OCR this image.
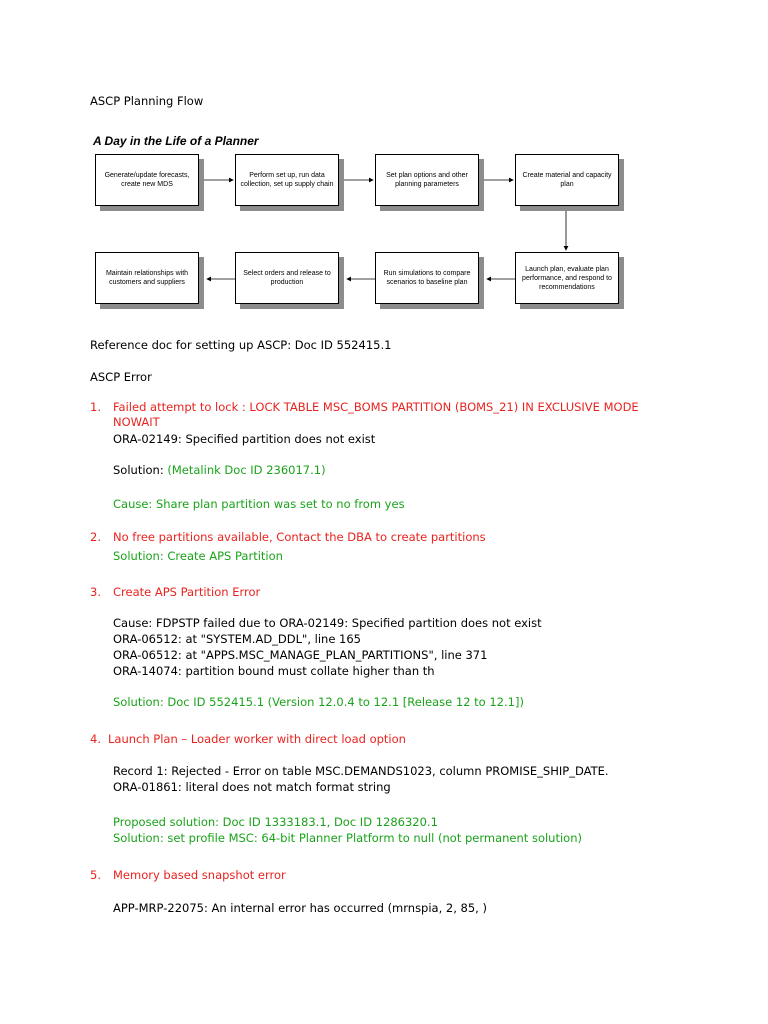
ASCP Planning Flow
A Day in the Life of a Planner
Generate/update forecasts, create new MDS
Perform set up, run data collection, set up supply chain
Set plan options and other planning parameters
Create material and capacity plan
Launch plan, evaluate plan performance, and respond to recommendations
Run simulations to compare scenarios to baseline plan
Select orders and release to production
Maintain relationships with customers and suppliers
Reference doc for setting up ASCP: Doc ID 552415.1
ASCP Error
1. Failed attempt to lock : LOCK TABLE MSC_BOMS PARTITION (BOMS_21) IN EXCLUSIVE MODE
NOWAIT
ORA-02149: Specified partition does not exist
Solution: (Metalink Doc ID 236017.1)
Cause: Share plan partition was set to no from yes
2. No free partitions available, Contact the DBA to create partitions
Solution: Create APS Partition
3. Create APS Partition Error
Cause: FDPSTP failed due to ORA-02149: Specified partition does not exist
ORA-06512: at "SYSTEM.AD_DDL", line 165
ORA-06512: at "APPS.MSC_MANAGE_PLAN_PARTITIONS", line 371
ORA-14074: partition bound must collate higher than th
Solution: Doc ID 552415.1 (Version 12.0.4 to 12.1 [Release 12 to 12.1])
4. Launch Plan – Loader worker with direct load option
Record 1: Rejected - Error on table MSC.DEMANDS1023, column PROMISE_SHIP_DATE.
ORA-01861: literal does not match format string
Proposed solution: Doc ID 1333183.1, Doc ID 1286320.1
Solution: set profile MSC: 64-bit Planner Platform to null (not permanent solution)
5. Memory based snapshot error
APP-MRP-22075: An internal error has occurred (mrnspia, 2, 85, )
